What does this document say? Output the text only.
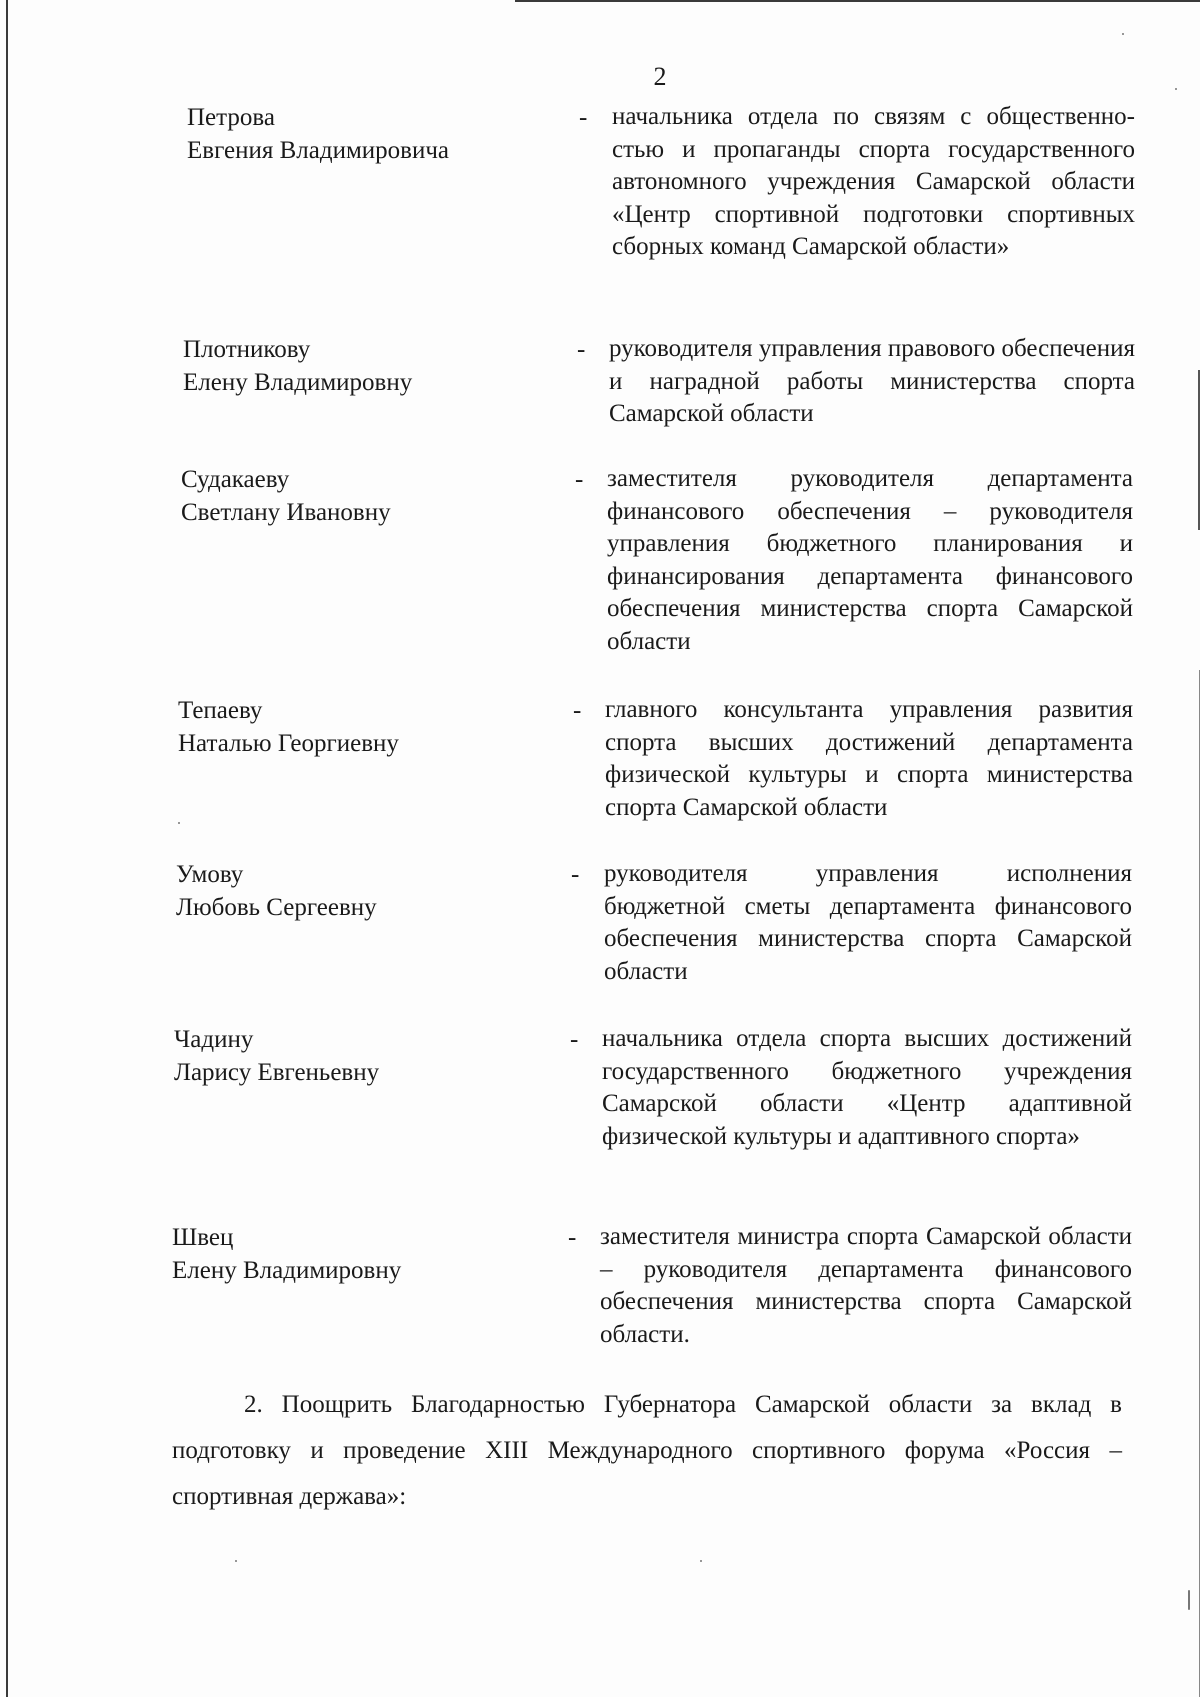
2
Петрова
Евгения Владимировича
- начальника отдела по связям с общественностью и пропаганды спорта государственного автономного учреждения Самарской области «Центр спортивной подготовки спортивных сборных команд Самарской области»
Плотникову
Елену Владимировну
- руководителя управления правового обеспечения и наградной работы министерства спорта Самарской области
Судакаеву
Светлану Ивановну
- заместителя руководителя департамента финансового обеспечения – руководителя управления бюджетного планирования и финансирования департамента финансового обеспечения министерства спорта Самарской области
Тепаеву
Наталью Георгиевну
- главного консультанта управления развития спорта высших достижений департамента физической культуры и спорта министерства спорта Самарской области
Умову
Любовь Сергеевну
- руководителя управления исполнения бюджетной сметы департамента финансового обеспечения министерства спорта Самарской области
Чадину
Ларису Евгеньевну
- начальника отдела спорта высших достижений государственного бюджетного учреждения Самарской области «Центр адаптивной физической культуры и адаптивного спорта»
Швец
Елену Владимировну
- заместителя министра спорта Самарской области – руководителя департамента финансового обеспечения министерства спорта Самарской области.
2. Поощрить Благодарностью Губернатора Самарской области за вклад в подготовку и проведение XIII Международного спортивного форума «Россия – спортивная держава»:
